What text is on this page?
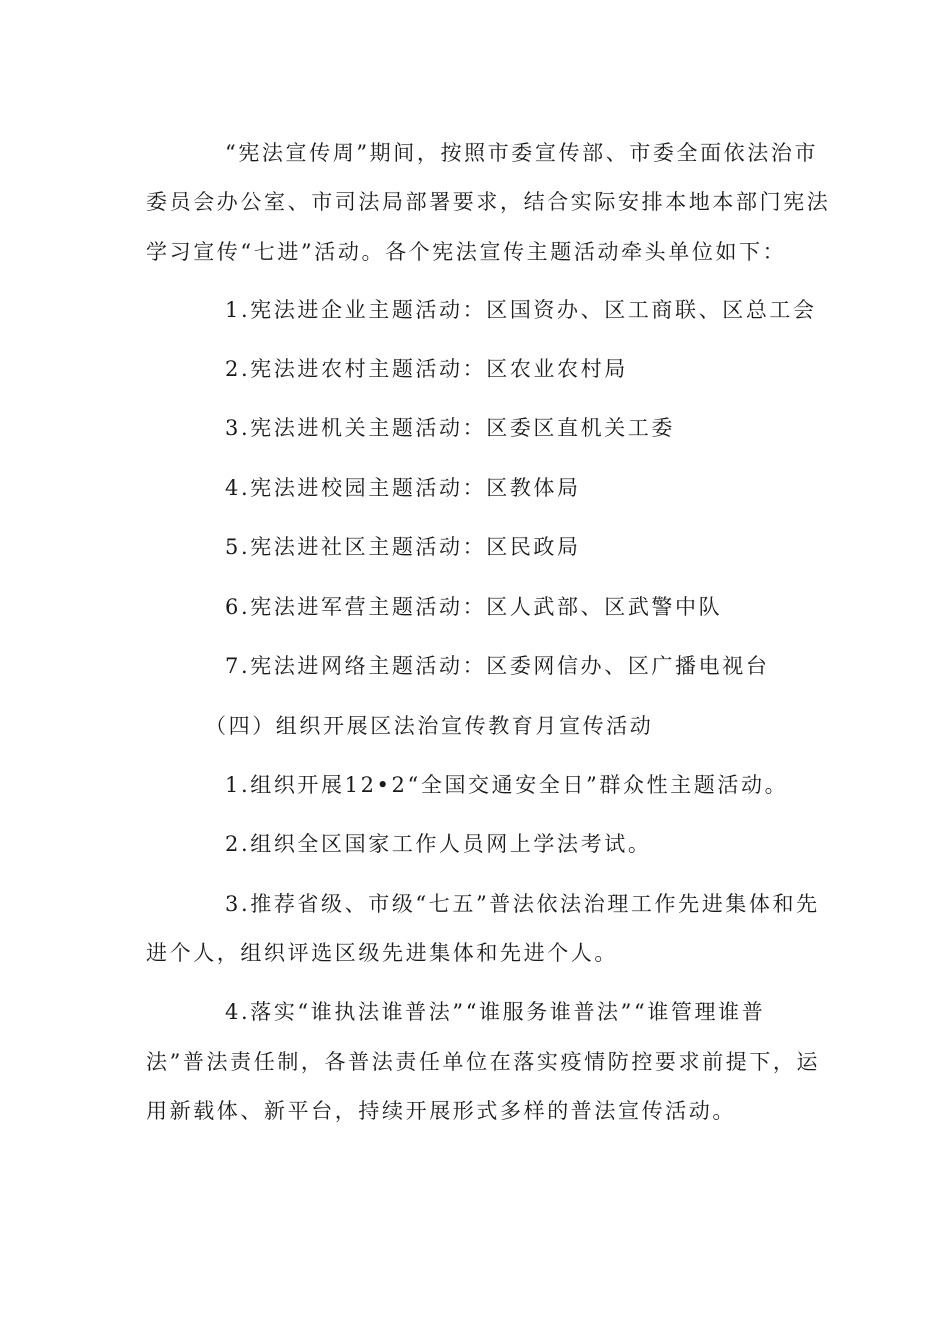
“宪法宣传周”期间，按照市委宣传部、市委全面依法治市

委员会办公室、市司法局部署要求，结合实际安排本地本部门宪法

学习宣传“七进”活动。各个宪法宣传主题活动牵头单位如下：

1.宪法进企业主题活动：区国资办、区工商联、区总工会

2.宪法进农村主题活动：区农业农村局

3.宪法进机关主题活动：区委区直机关工委

4.宪法进校园主题活动：区教体局

5.宪法进社区主题活动：区民政局

6.宪法进军营主题活动：区人武部、区武警中队

7.宪法进网络主题活动：区委网信办、区广播电视台

（四）组织开展区法治宣传教育月宣传活动

1.组织开展12•2“全国交通安全日”群众性主题活动。

2.组织全区国家工作人员网上学法考试。

3.推荐省级、市级“七五”普法依法治理工作先进集体和先

进个人，组织评选区级先进集体和先进个人。

4.落实“谁执法谁普法”“谁服务谁普法”“谁管理谁普

法”普法责任制，各普法责任单位在落实疫情防控要求前提下，运

用新载体、新平台，持续开展形式多样的普法宣传活动。
